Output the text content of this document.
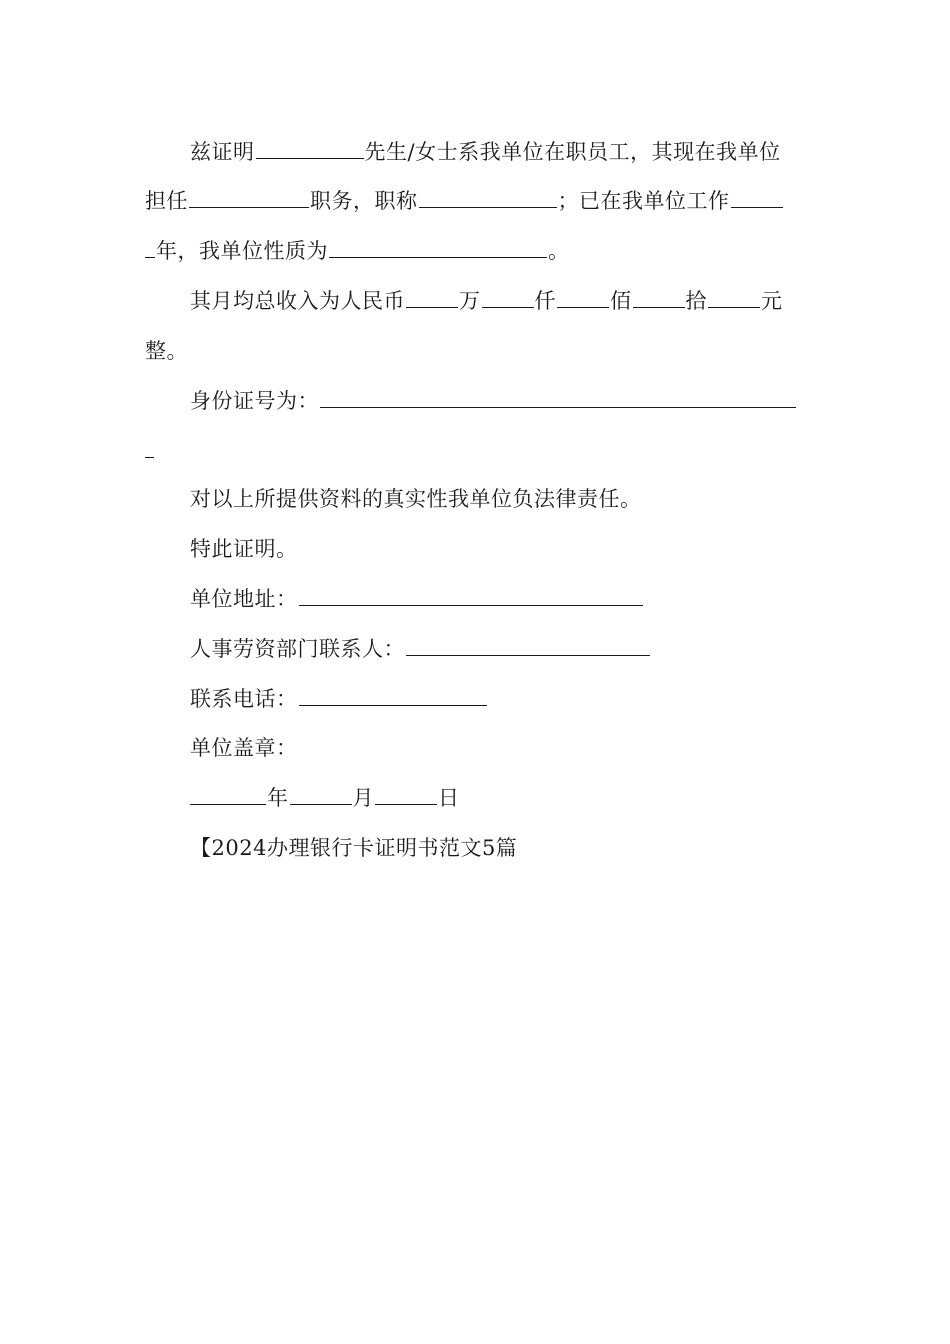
兹证明	先生/女士系我单位在职员工，其现在我单位
担任	职务，职称	；已在我单位工作
年，我单位性质为	。
其月均总收入为人民币	万	仟	佰	拾	元
整。
身份证号为：
对以上所提供资料的真实性我单位负法律责任。
特此证明。
单位地址：
人事劳资部门联系人：
联系电话：
单位盖章：
年	月	日
【2024办理银行卡证明书范文5篇
